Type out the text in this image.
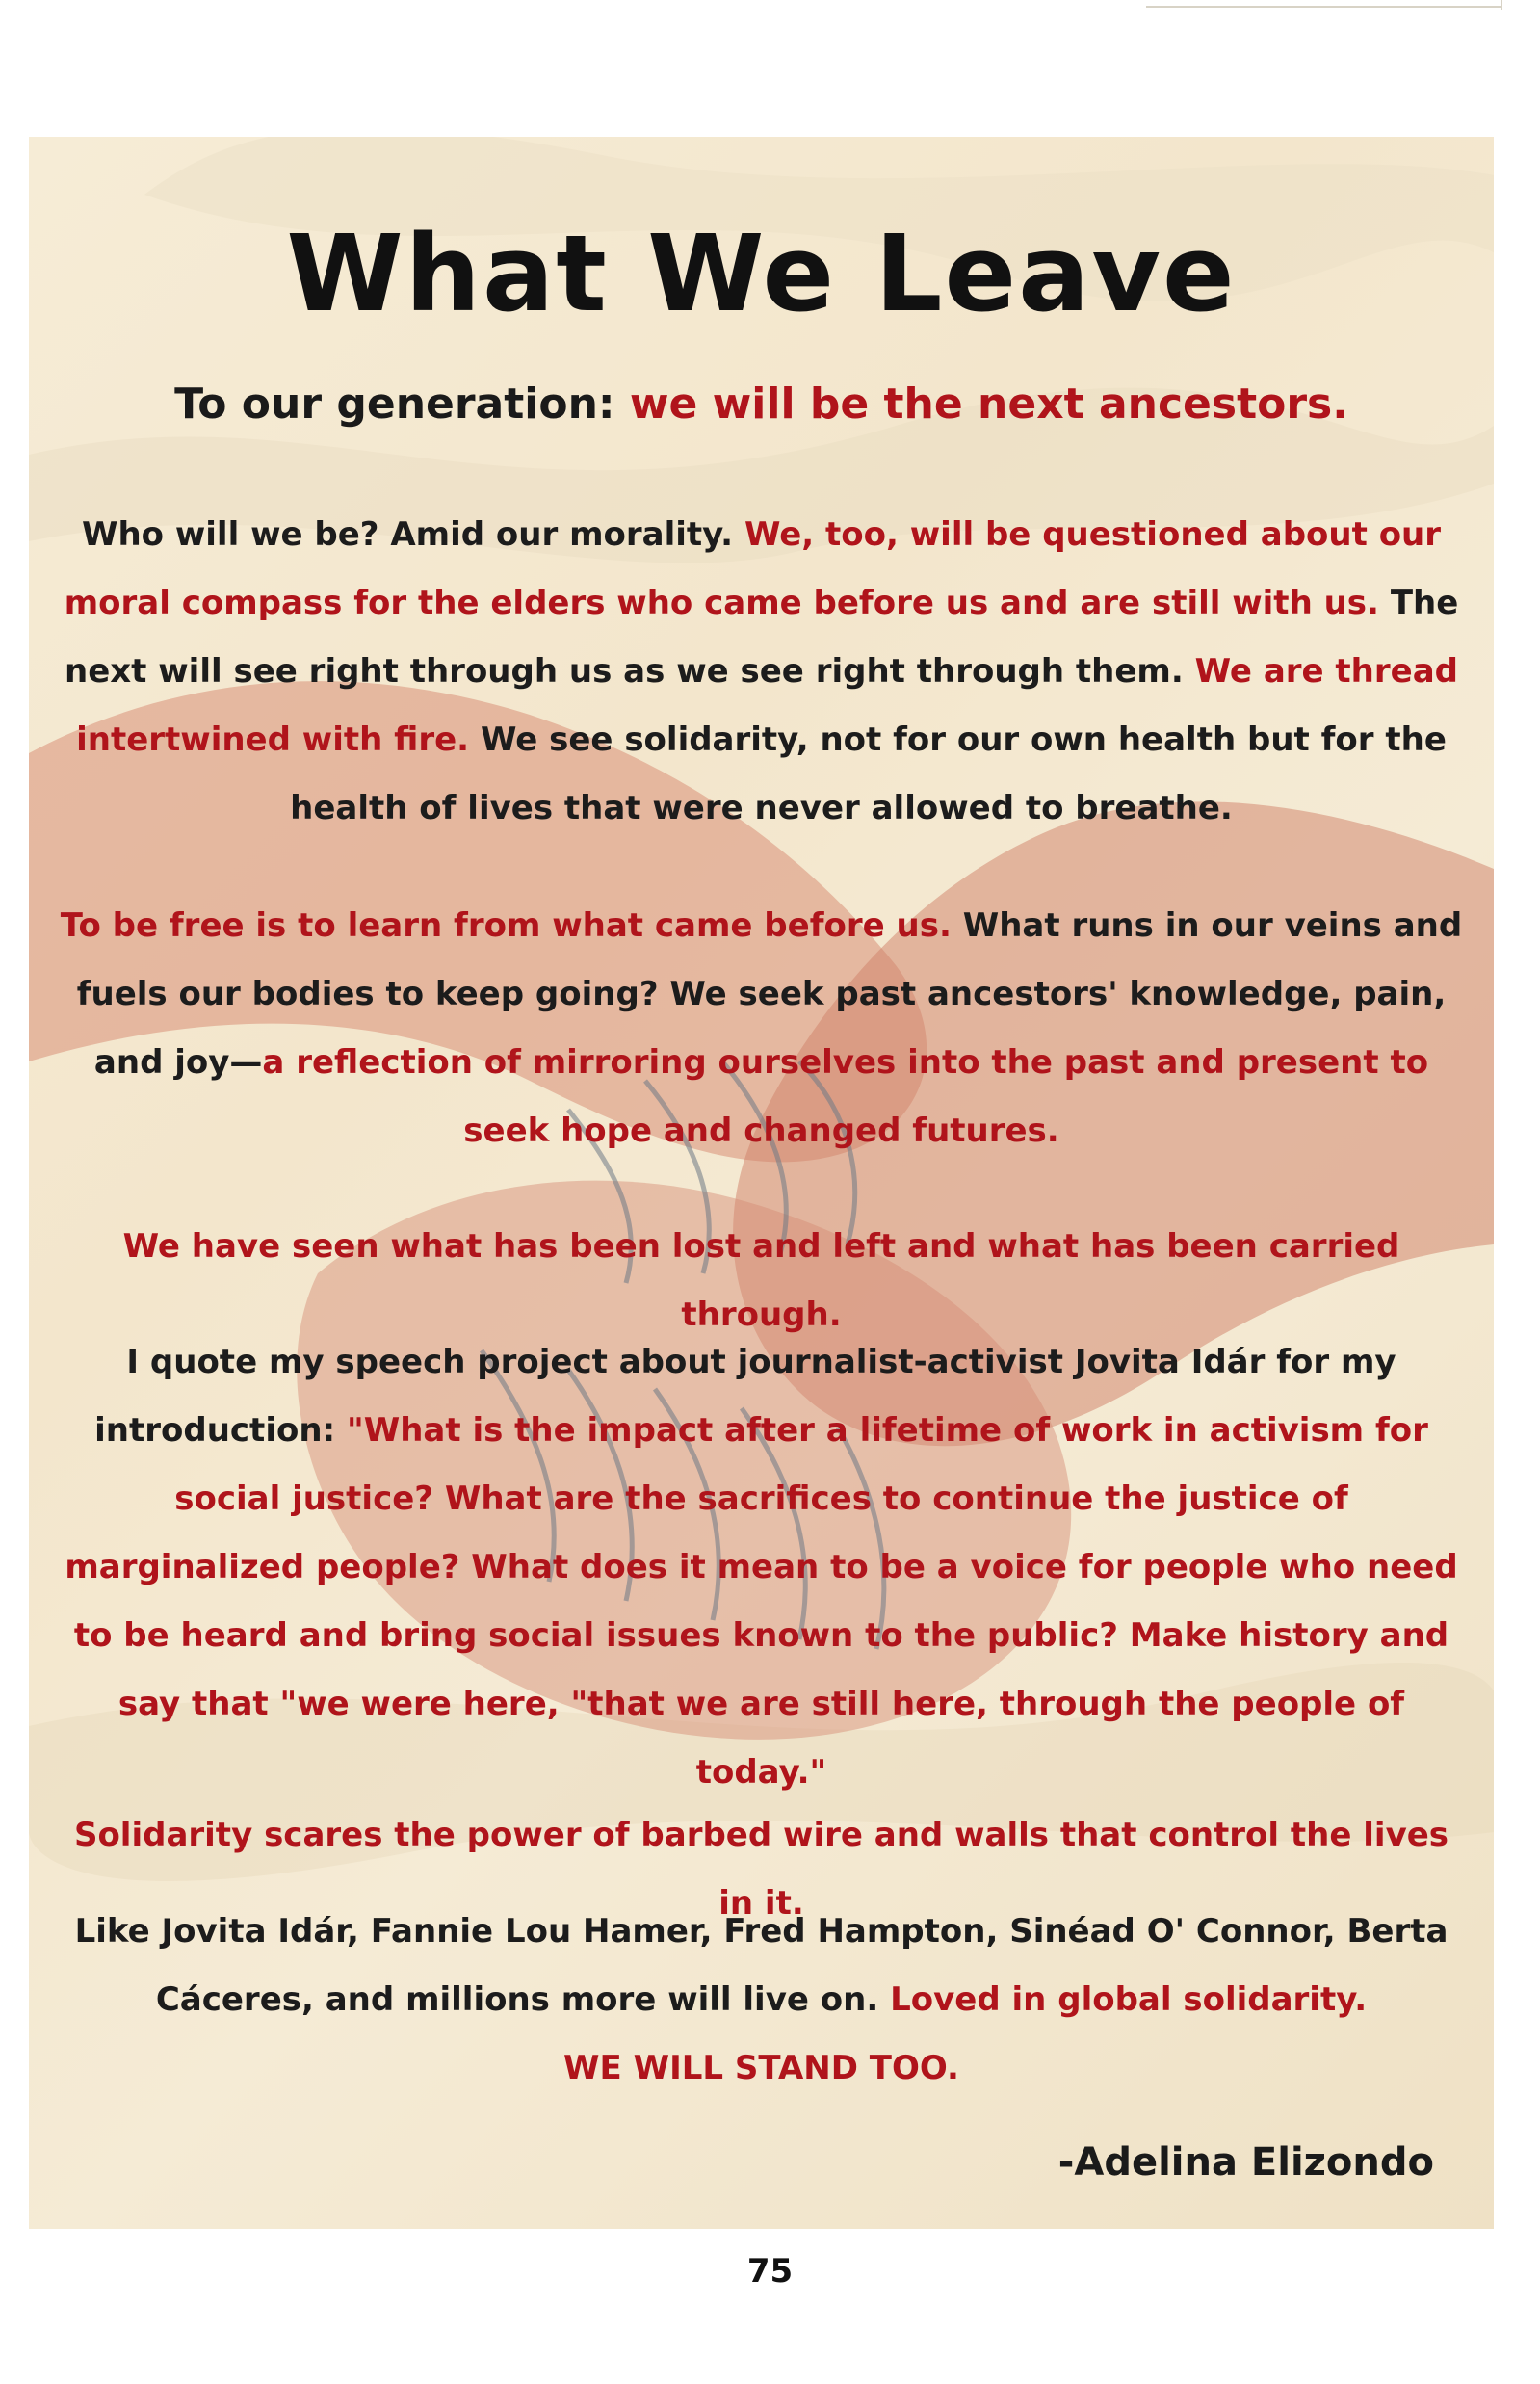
What We Leave
To our generation: we will be the next ancestors.
Who will we be? Amid our morality. We, too, will be questioned about our moral compass for the elders who came before us and are still with us. The next will see right through us as we see right through them. We are thread intertwined with fire. We see solidarity, not for our own health but for the health of lives that were never allowed to breathe.
To be free is to learn from what came before us. What runs in our veins and fuels our bodies to keep going? We seek past ancestors' knowledge, pain, and joy—a reflection of mirroring ourselves into the past and present to seek hope and changed futures.
We have seen what has been lost and left and what has been carried through.
I quote my speech project about journalist-activist Jovita Idár for my introduction: "What is the impact after a lifetime of work in activism for social justice? What are the sacrifices to continue the justice of marginalized people? What does it mean to be a voice for people who need to be heard and bring social issues known to the public? Make history and say that "we were here, "that we are still here, through the people of today."
Solidarity scares the power of barbed wire and walls that control the lives in it.
Like Jovita Idár, Fannie Lou Hamer, Fred Hampton, Sinéad O' Connor, Berta Cáceres, and millions more will live on. Loved in global solidarity.
WE WILL STAND TOO.
-Adelina Elizondo
75
